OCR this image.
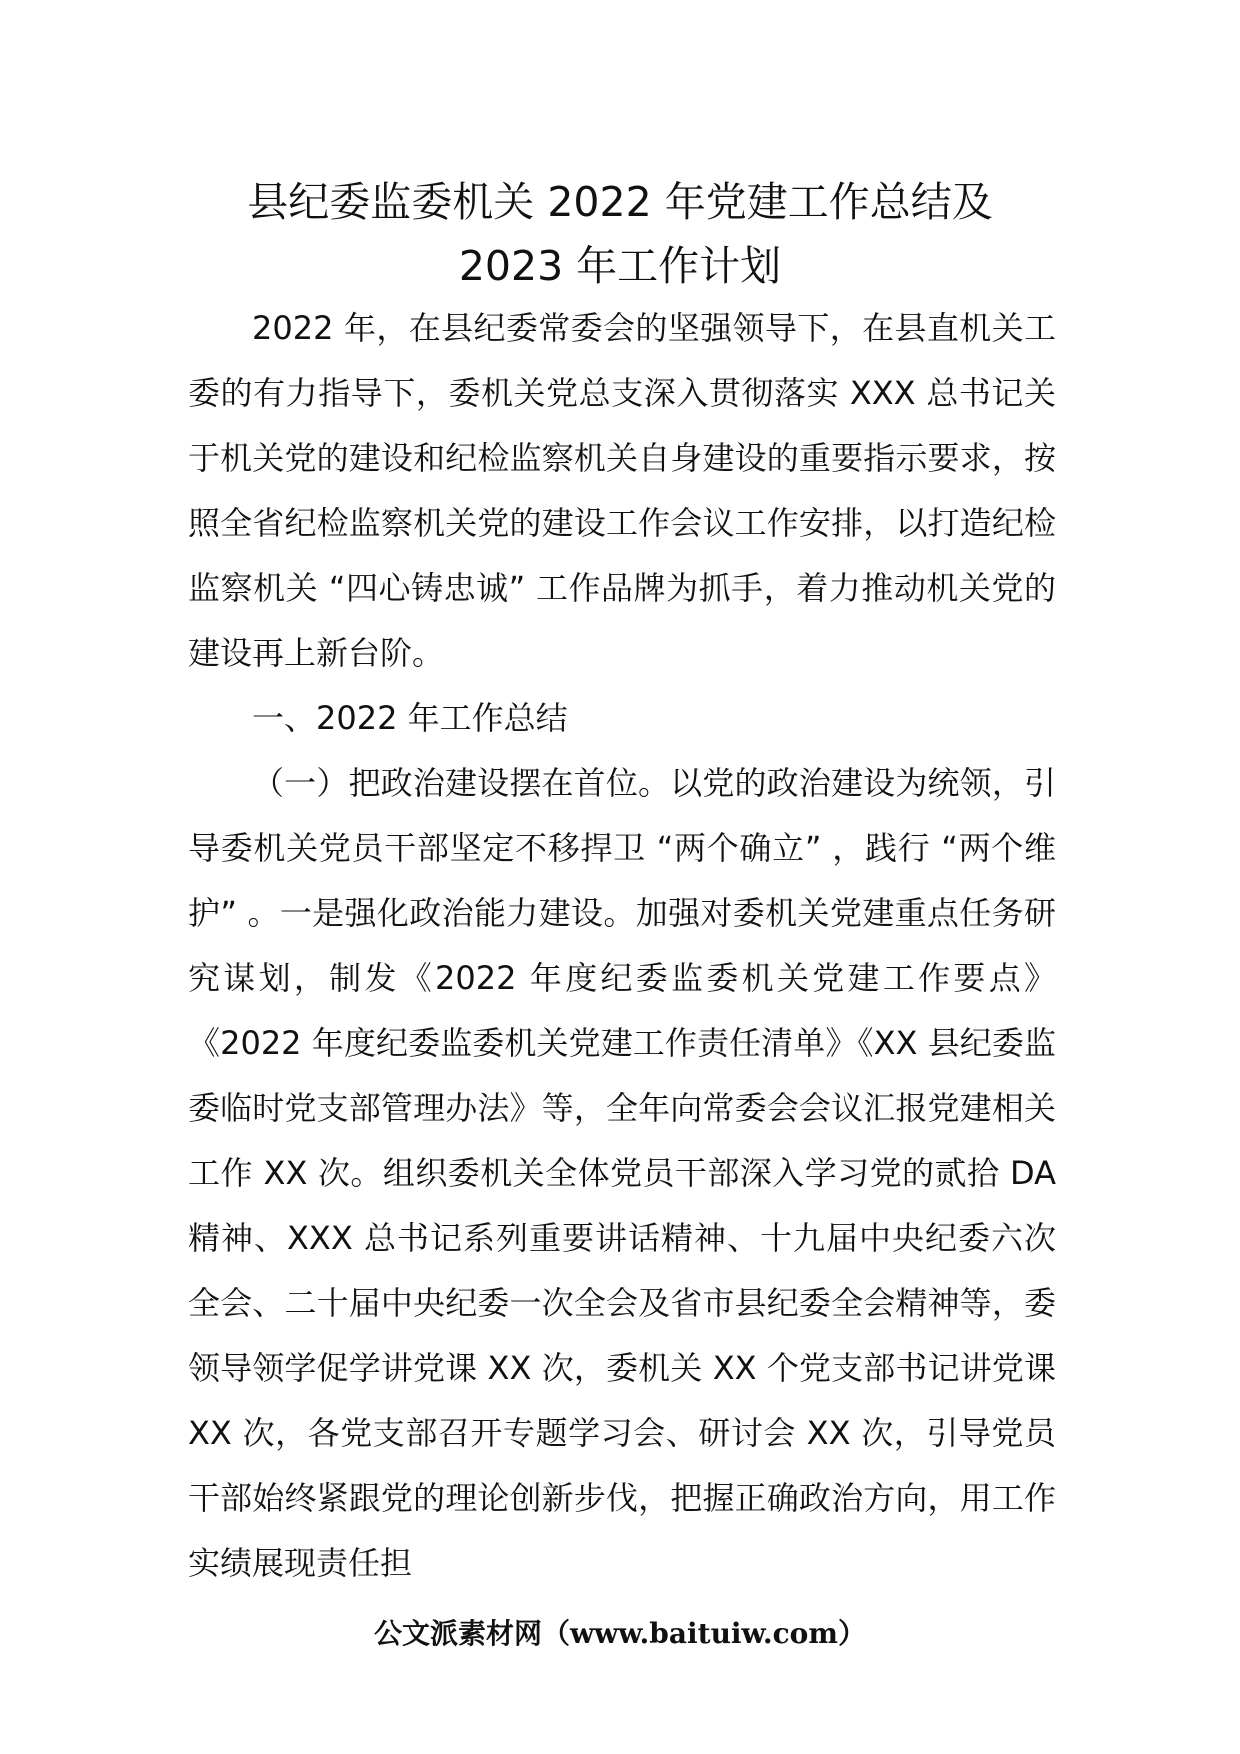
县纪委监委机关 2022 年党建工作总结及
2023 年工作计划

2022 年，在县纪委常委会的坚强领导下，在县直机关工委的有力指导下，委机关党总支深入贯彻落实 XXX 总书记关于机关党的建设和纪检监察机关自身建设的重要指示要求，按照全省纪检监察机关党的建设工作会议工作安排，以打造纪检监察机关 “四心铸忠诚” 工作品牌为抓手，着力推动机关党的建设再上新台阶。

一、2022 年工作总结

（一）把政治建设摆在首位。以党的政治建设为统领，引导委机关党员干部坚定不移捍卫 “两个确立” ，践行 “两个维护” 。一是强化政治能力建设。加强对委机关党建重点任务研究谋划，制发《2022 年度纪委监委机关党建工作要点》《2022 年度纪委监委机关党建工作责任清单》《XX 县纪委监委临时党支部管理办法》等，全年向常委会会议汇报党建相关工作 XX 次。组织委机关全体党员干部深入学习党的贰拾 DA 精神、XXX 总书记系列重要讲话精神、十九届中央纪委六次全会、二十届中央纪委一次全会及省市县纪委全会精神等，委领导领学促学讲党课 XX 次，委机关 XX 个党支部书记讲党课 XX 次，各党支部召开专题学习会、研讨会 XX 次，引导党员干部始终紧跟党的理论创新步伐，把握正确政治方向，用工作实绩展现责任担

公文派素材网（www.baituiw.com）
